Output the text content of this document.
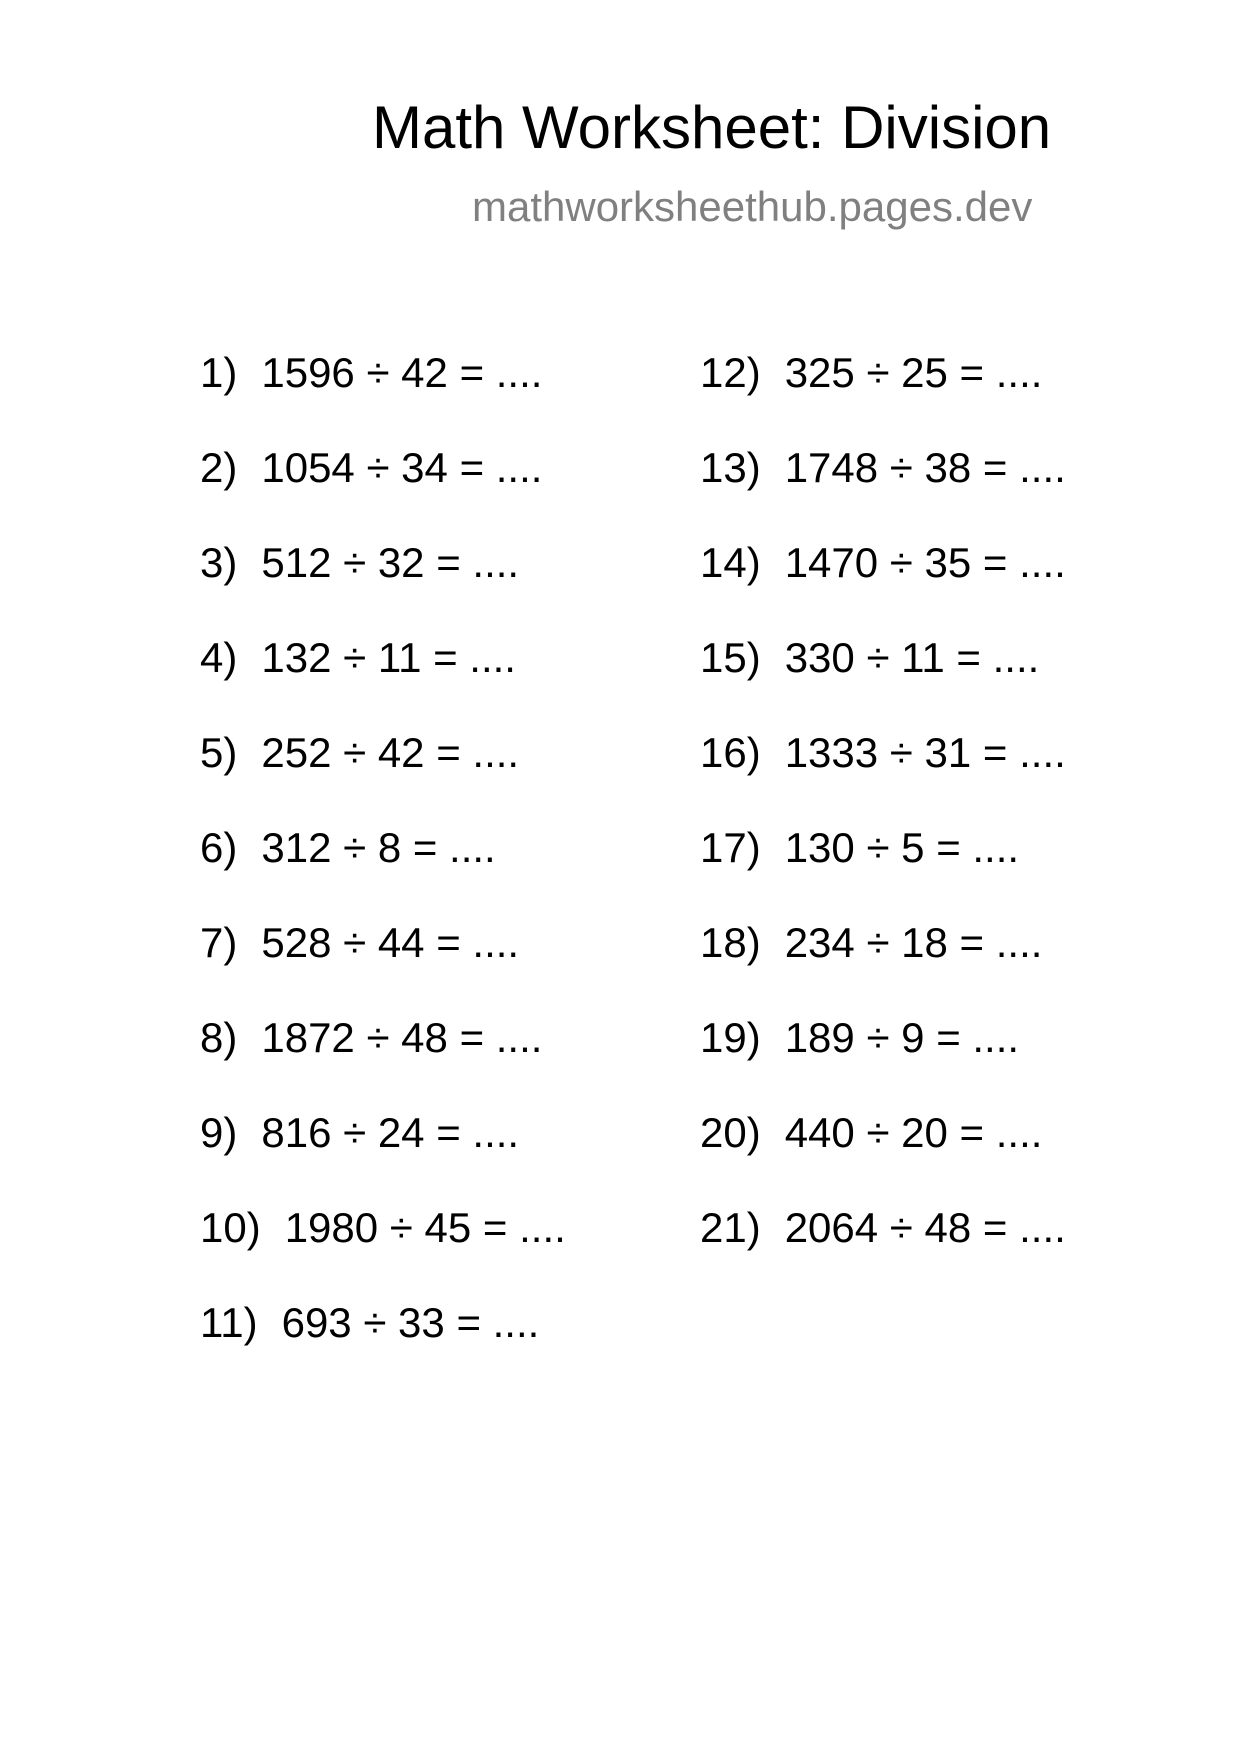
Math Worksheet: Division
mathworksheethub.pages.dev
1) 1596 ÷ 42 = ....
2) 1054 ÷ 34 = ....
3) 512 ÷ 32 = ....
4) 132 ÷ 11 = ....
5) 252 ÷ 42 = ....
6) 312 ÷ 8 = ....
7) 528 ÷ 44 = ....
8) 1872 ÷ 48 = ....
9) 816 ÷ 24 = ....
10) 1980 ÷ 45 = ....
11) 693 ÷ 33 = ....
12) 325 ÷ 25 = ....
13) 1748 ÷ 38 = ....
14) 1470 ÷ 35 = ....
15) 330 ÷ 11 = ....
16) 1333 ÷ 31 = ....
17) 130 ÷ 5 = ....
18) 234 ÷ 18 = ....
19) 189 ÷ 9 = ....
20) 440 ÷ 20 = ....
21) 2064 ÷ 48 = ....
